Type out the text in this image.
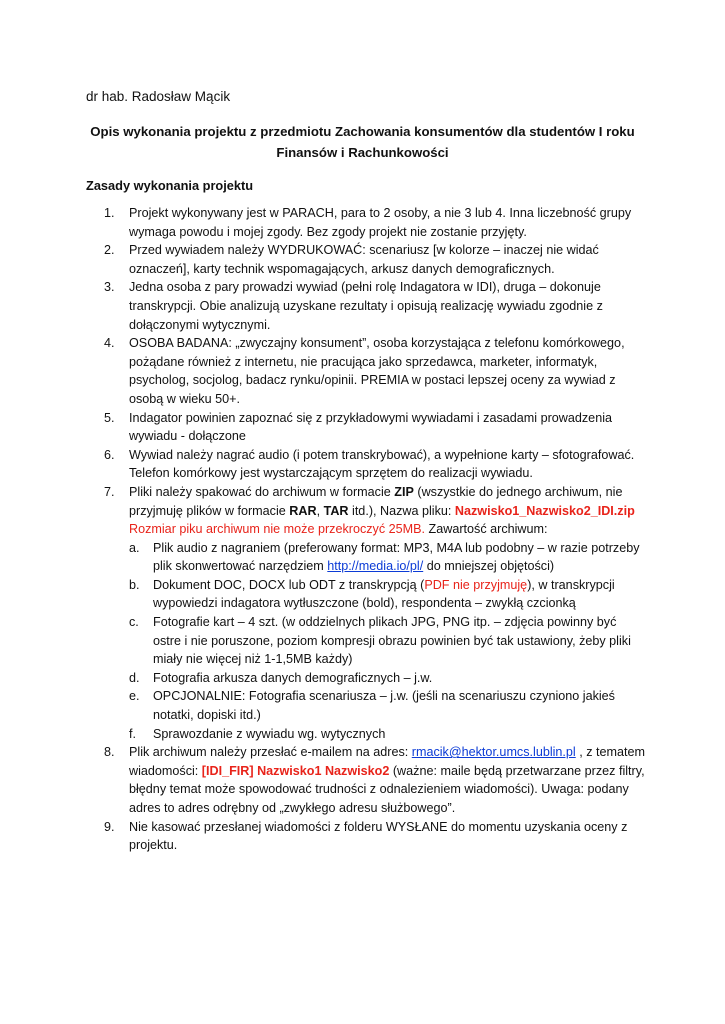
dr hab. Radosław Mącik
Opis wykonania projektu z przedmiotu Zachowania konsumentów dla studentów I roku
Finansów i Rachunkowości
Zasady wykonania projektu
1. Projekt wykonywany jest w PARACH, para to 2 osoby, a nie 3 lub 4. Inna liczebność grupy wymaga powodu i mojej zgody. Bez zgody projekt nie zostanie przyjęty.
2. Przed wywiadem należy WYDRUKOWAĆ: scenariusz [w kolorze – inaczej nie widać oznaczeń], karty technik wspomagających, arkusz danych demograficznych.
3. Jedna osoba z pary prowadzi wywiad (pełni rolę Indagatora w IDI), druga – dokonuje transkrypcji. Obie analizują uzyskane rezultaty i opisują realizację wywiadu zgodnie z dołączonymi wytycznymi.
4. OSOBA BADANA: „zwyczajny konsument”, osoba korzystająca z telefonu komórkowego, pożądane również z internetu, nie pracująca jako sprzedawca, marketer, informatyk, psycholog, socjolog, badacz rynku/opinii. PREMIA w postaci lepszej oceny za wywiad z osobą w wieku 50+.
5. Indagator powinien zapoznać się z przykładowymi wywiadami i zasadami prowadzenia wywiadu - dołączone
6. Wywiad należy nagrać audio (i potem transkrybować), a wypełnione karty – sfotografować. Telefon komórkowy jest wystarczającym sprzętem do realizacji wywiadu.
7. Pliki należy spakować do archiwum w formacie ZIP (wszystkie do jednego archiwum, nie przyjmuję plików w formacie RAR, TAR itd.), Nazwa pliku: Nazwisko1_Nazwisko2_IDI.zip Rozmiar piku archiwum nie może przekroczyć 25MB. Zawartość archiwum:
a. Plik audio z nagraniem (preferowany format: MP3, M4A lub podobny – w razie potrzeby plik skonwertować narzędziem http://media.io/pl/ do mniejszej objętości)
b. Dokument DOC, DOCX lub ODT z transkrypcją (PDF nie przyjmuję), w transkrypcji wypowiedzi indagatora wytłuszczone (bold), respondenta – zwykłą czcionką
c. Fotografie kart – 4 szt. (w oddzielnych plikach JPG, PNG itp. – zdjęcia powinny być ostre i nie poruszone, poziom kompresji obrazu powinien być tak ustawiony, żeby pliki miały nie więcej niż 1-1,5MB każdy)
d. Fotografia arkusza danych demograficznych – j.w.
e. OPCJONALNIE: Fotografia scenariusza – j.w. (jeśli na scenariuszu czyniono jakieś notatki, dopiski itd.)
f. Sprawozdanie z wywiadu wg. wytycznych
8. Plik archiwum należy przesłać e-mailem na adres: rmacik@hektor.umcs.lublin.pl , z tematem wiadomości: [IDI_FIR] Nazwisko1 Nazwisko2 (ważne: maile będą przetwarzane przez filtry, błędny temat może spowodować trudności z odnalezieniem wiadomości). Uwaga: podany adres to adres odrębny od „zwykłego adresu służbowego”.
9. Nie kasować przesłanej wiadomości z folderu WYSŁANE do momentu uzyskania oceny z projektu.
